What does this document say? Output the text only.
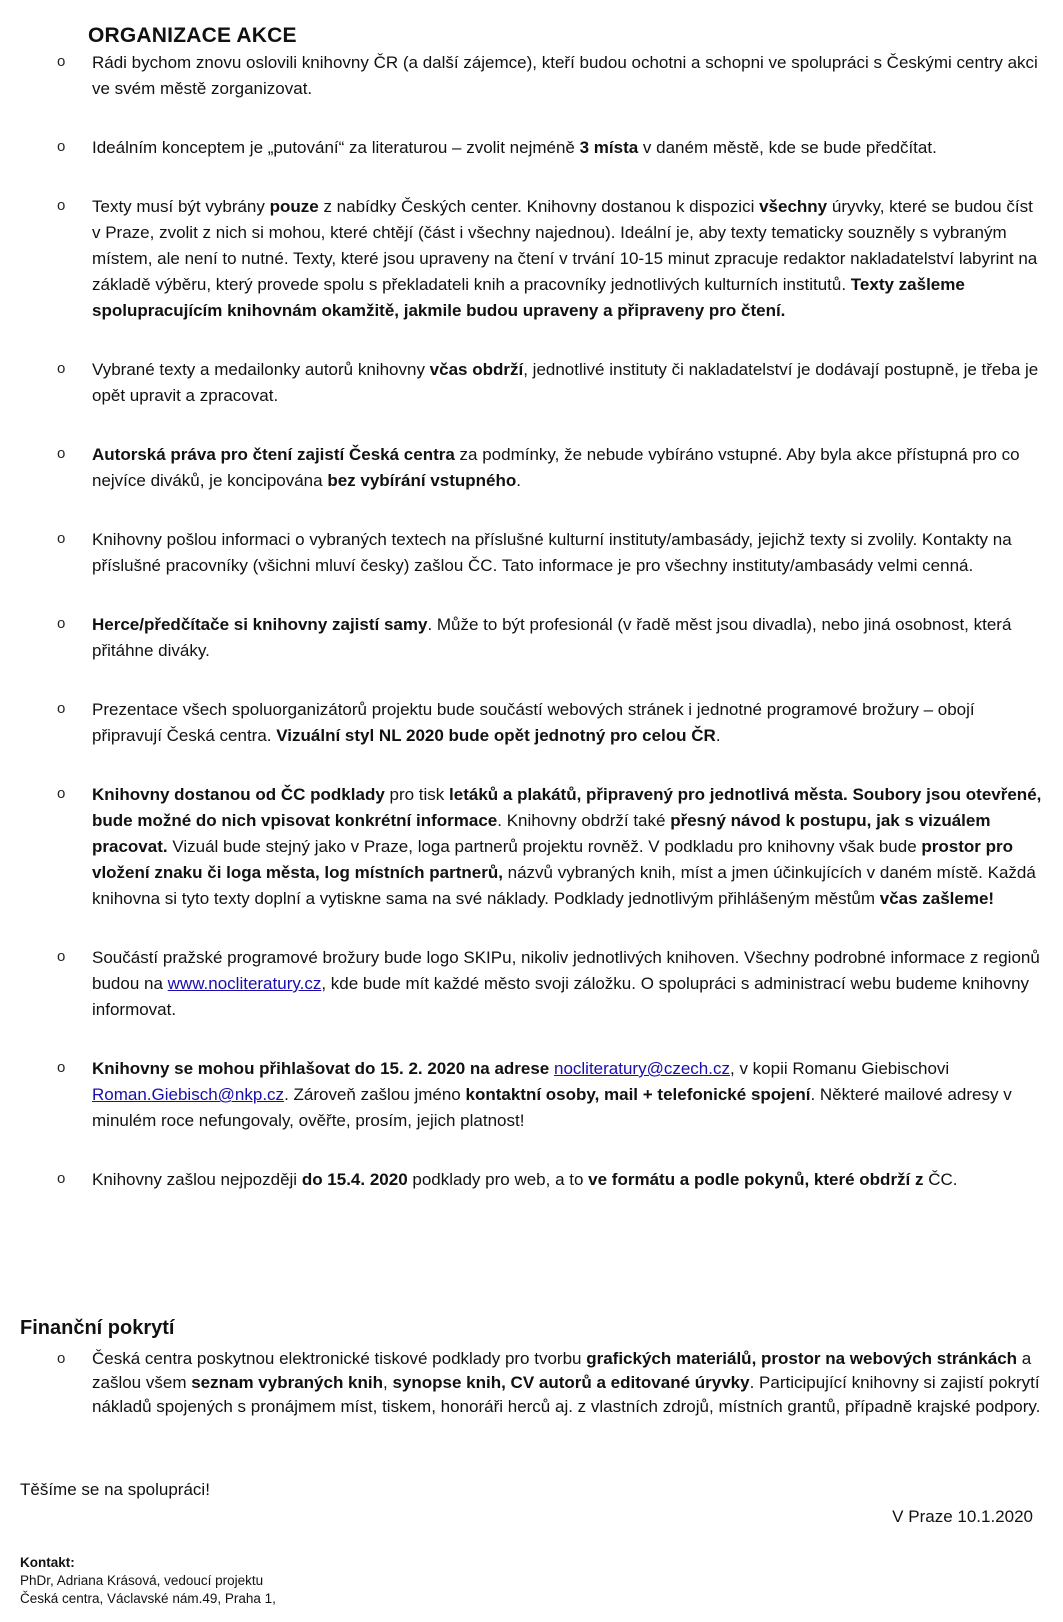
ORGANIZACE AKCE
o Rádi bychom znovu oslovili knihovny ČR (a další zájemce), kteří budou ochotni a schopni ve spolupráci s Českými centry akci ve svém městě zorganizovat.
o Ideálním konceptem je „putování“ za literaturou – zvolit nejméně 3 místa v daném městě, kde se bude předčítat.
o Texty musí být vybrány pouze z nabídky Českých center. Knihovny dostanou k dispozici všechny úryvky, které se budou číst v Praze, zvolit z nich si mohou, které chtějí (část i všechny najednou). Ideální je, aby texty tematicky souzněly s vybraným místem, ale není to nutné. Texty, které jsou upraveny na čtení v trvání 10-15 minut zpracuje redaktor nakladatelství labyrint na základě výběru, který provede spolu s překladateli knih a pracovníky jednotlivých kulturních institutů. Texty zašleme spolupracujícím knihovnám okamžitě, jakmile budou upraveny a připraveny pro čtení.
o Vybrané texty a medailonky autorů knihovny včas obdrží, jednotlivé instituty či nakladatelství je dodávají postupně, je třeba je opět upravit a zpracovat.
o Autorská práva pro čtení zajistí Česká centra za podmínky, že nebude vybíráno vstupné. Aby byla akce přístupná pro co nejvíce diváků, je koncipována bez vybírání vstupného.
o Knihovny pošlou informaci o vybraných textech na příslušné kulturní instituty/ambasády, jejichž texty si zvolily. Kontakty na příslušné pracovníky (všichni mluví česky) zašlou ČC. Tato informace je pro všechny instituty/ambasády velmi cenná.
o Herce/předčítače si knihovny zajistí samy. Může to být profesionál (v řadě měst jsou divadla), nebo jiná osobnost, která přitáhne diváky.
o Prezentace všech spoluorganizátorů projektu bude součástí webových stránek i jednotné programové brožury – obojí připravují Česká centra. Vizuální styl NL 2020 bude opět jednotný pro celou ČR.
o Knihovny dostanou od ČC podklady pro tisk letáků a plakátů, připravený pro jednotlivá města. Soubory jsou otevřené, bude možné do nich vpisovat konkrétní informace. Knihovny obdrží také přesný návod k postupu, jak s vizuálem pracovat. Vizuál bude stejný jako v Praze, loga partnerů projektu rovněž. V podkladu pro knihovny však bude prostor pro vložení znaku či loga města, log místních partnerů, názvů vybraných knih, míst a jmen účinkujících v daném místě. Každá knihovna si tyto texty doplní a vytiskne sama na své náklady. Podklady jednotlivým přihlášeným městům včas zašleme!
o Součástí pražské programové brožury bude logo SKIPu, nikoliv jednotlivých knihoven. Všechny podrobné informace z regionů budou na www.nocliteratury.cz, kde bude mít každé město svoji záložku. O spolupráci s administrací webu budeme knihovny informovat.
o Knihovny se mohou přihlašovat do 15. 2. 2020 na adrese nocliteratury@czech.cz, v kopii Romanu Giebischovi Roman.Giebisch@nkp.cz. Zároveň zašlou jméno kontaktní osoby, mail + telefonické spojení. Některé mailové adresy v minulém roce nefungovaly, ověřte, prosím, jejich platnost!
o Knihovny zašlou nejpozději do 15.4. 2020 podklady pro web, a to ve formátu a podle pokynů, které obdrží z ČC.
Finanční pokrytí
o Česká centra poskytnou elektronické tiskové podklady pro tvorbu grafických materiálů, prostor na webových stránkách a zašlou všem seznam vybraných knih, synopse knih, CV autorů a editované úryvky. Participující knihovny si zajistí pokrytí nákladů spojených s pronájmem míst, tiskem, honoráři herců aj. z vlastních zdrojů, místních grantů, případně krajské podpory.
Těšíme se na spolupráci!
V Praze 10.1.2020
Kontakt:
PhDr, Adriana Krásová, vedoucí projektu
Česká centra, Václavské nám.49, Praha 1,
